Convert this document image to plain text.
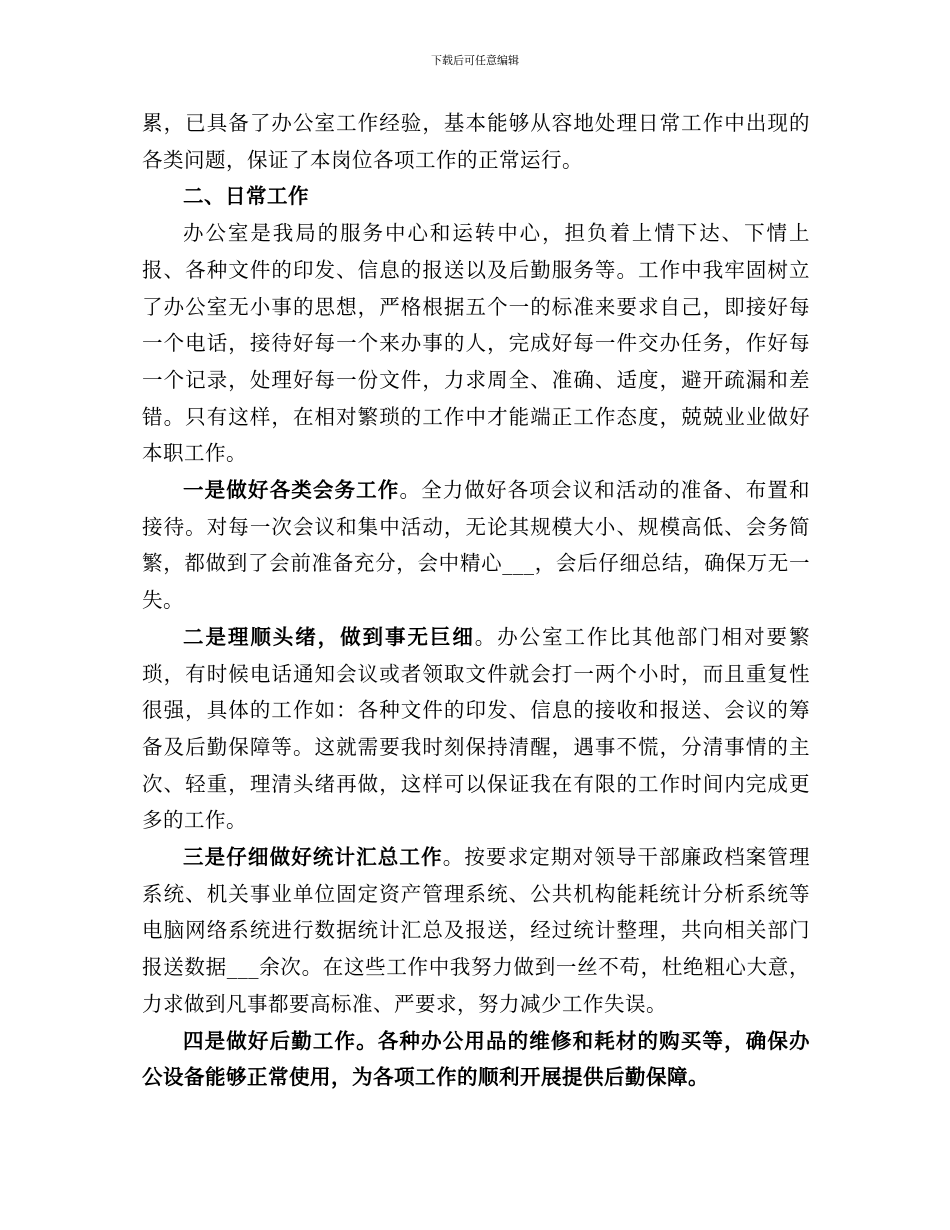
下载后可任意编辑

累，已具备了办公室工作经验，基本能够从容地处理日常工作中出现的各类问题，保证了本岗位各项工作的正常运行。

二、日常工作

办公室是我局的服务中心和运转中心，担负着上情下达、下情上报、各种文件的印发、信息的报送以及后勤服务等。工作中我牢固树立了办公室无小事的思想，严格根据五个一的标准来要求自己，即接好每一个电话，接待好每一个来办事的人，完成好每一件交办任务，作好每一个记录，处理好每一份文件，力求周全、准确、适度，避开疏漏和差错。只有这样，在相对繁琐的工作中才能端正工作态度，兢兢业业做好本职工作。

一是做好各类会务工作。全力做好各项会议和活动的准备、布置和接待。对每一次会议和集中活动，无论其规模大小、规模高低、会务简繁，都做到了会前准备充分，会中精心___，会后仔细总结，确保万无一失。

二是理顺头绪，做到事无巨细。办公室工作比其他部门相对要繁琐，有时候电话通知会议或者领取文件就会打一两个小时，而且重复性很强，具体的工作如：各种文件的印发、信息的接收和报送、会议的筹备及后勤保障等。这就需要我时刻保持清醒，遇事不慌，分清事情的主次、轻重，理清头绪再做，这样可以保证我在有限的工作时间内完成更多的工作。

三是仔细做好统计汇总工作。按要求定期对领导干部廉政档案管理系统、机关事业单位固定资产管理系统、公共机构能耗统计分析系统等电脑网络系统进行数据统计汇总及报送，经过统计整理，共向相关部门报送数据___余次。在这些工作中我努力做到一丝不苟，杜绝粗心大意，力求做到凡事都要高标准、严要求，努力减少工作失误。

四是做好后勤工作。各种办公用品的维修和耗材的购买等，确保办公设备能够正常使用，为各项工作的顺利开展提供后勤保障。
